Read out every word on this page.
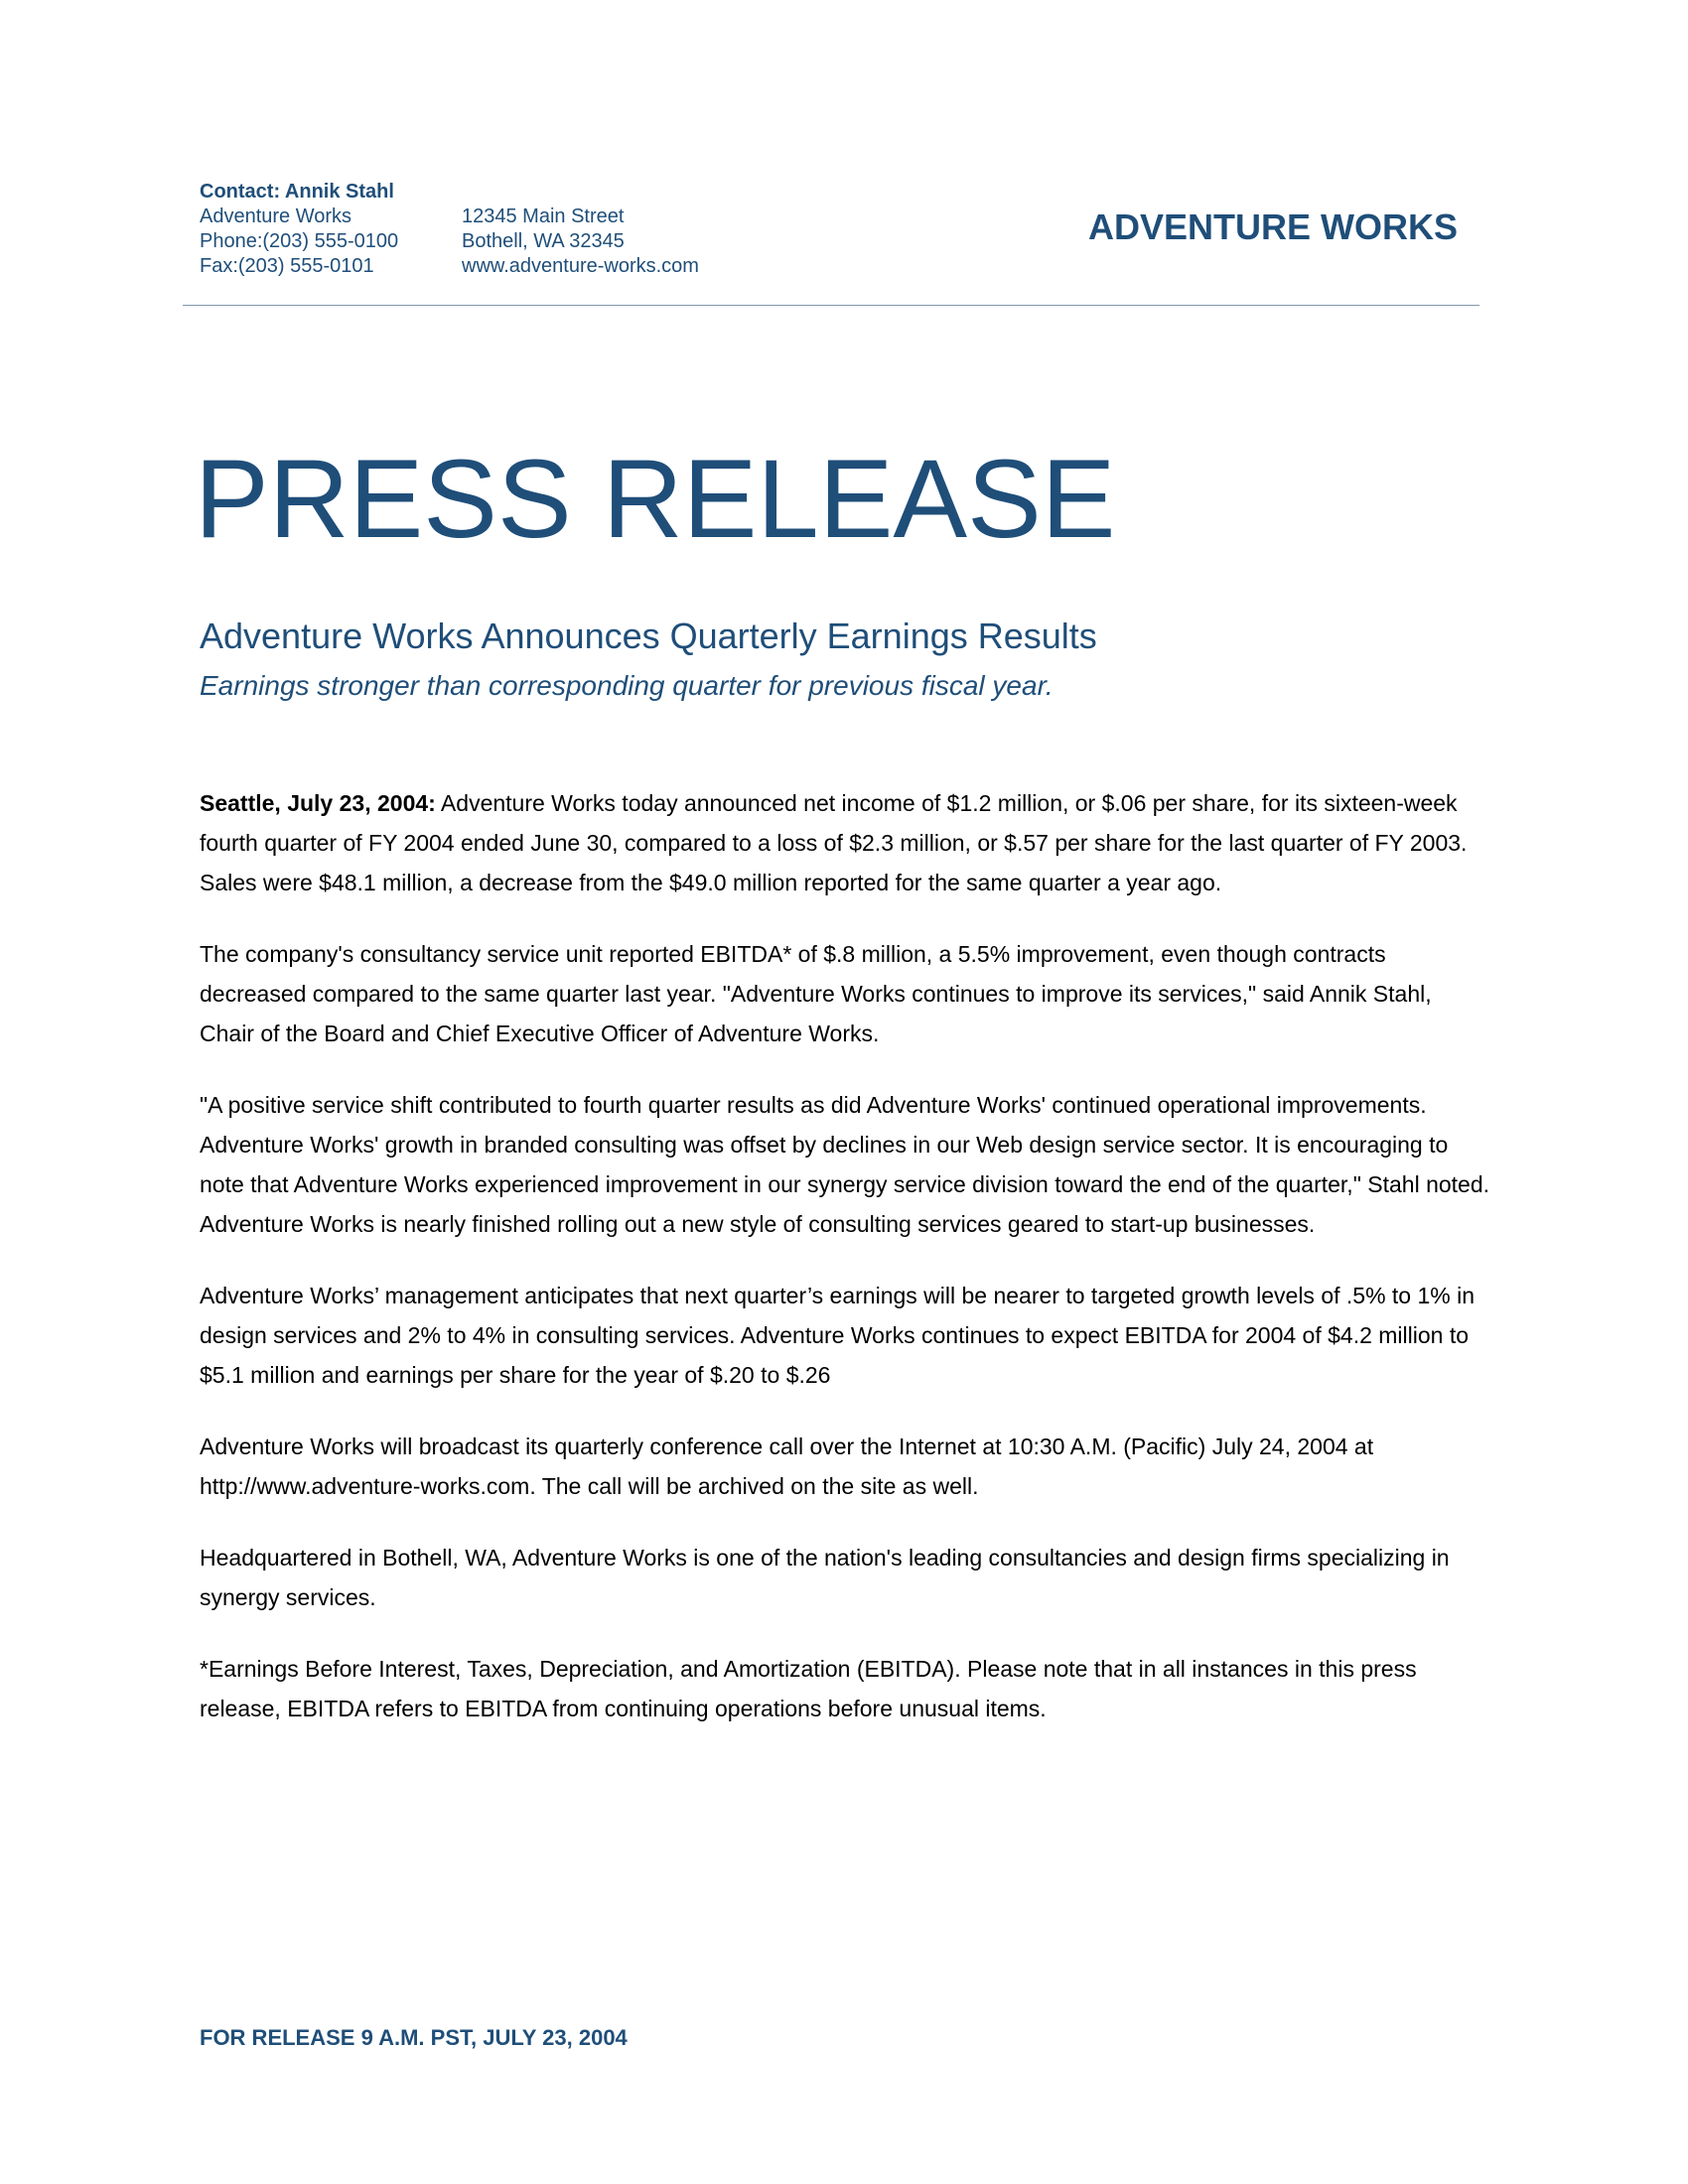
Contact: Annik Stahl
Adventure Works
Phone:(203) 555-0100
Fax:(203) 555-0101
12345 Main Street
Bothell, WA 32345
www.adventure-works.com
ADVENTURE WORKS
PRESS RELEASE
Adventure Works Announces Quarterly Earnings Results
Earnings stronger than corresponding quarter for previous fiscal year.

Seattle, July 23, 2004: Adventure Works today announced net income of $1.2 million, or $.06 per share, for its sixteen-week fourth quarter of FY 2004 ended June 30, compared to a loss of $2.3 million, or $.57 per share for the last quarter of FY 2003. Sales were $48.1 million, a decrease from the $49.0 million reported for the same quarter a year ago.

The company's consultancy service unit reported EBITDA* of $.8 million, a 5.5% improvement, even though contracts decreased compared to the same quarter last year. "Adventure Works continues to improve its services," said Annik Stahl, Chair of the Board and Chief Executive Officer of Adventure Works.

"A positive service shift contributed to fourth quarter results as did Adventure Works' continued operational improvements. Adventure Works' growth in branded consulting was offset by declines in our Web design service sector. It is encouraging to note that Adventure Works experienced improvement in our synergy service division toward the end of the quarter," Stahl noted. Adventure Works is nearly finished rolling out a new style of consulting services geared to start-up businesses.

Adventure Works’ management anticipates that next quarter’s earnings will be nearer to targeted growth levels of .5% to 1% in design services and 2% to 4% in consulting services. Adventure Works continues to expect EBITDA for 2004 of $4.2 million to $5.1 million and earnings per share for the year of $.20 to $.26

Adventure Works will broadcast its quarterly conference call over the Internet at 10:30 A.M. (Pacific) July 24, 2004 at http://www.adventure-works.com. The call will be archived on the site as well.

Headquartered in Bothell, WA, Adventure Works is one of the nation's leading consultancies and design firms specializing in synergy services.

*Earnings Before Interest, Taxes, Depreciation, and Amortization (EBITDA). Please note that in all instances in this press release, EBITDA refers to EBITDA from continuing operations before unusual items.

FOR RELEASE 9 A.M. PST, JULY 23, 2004
